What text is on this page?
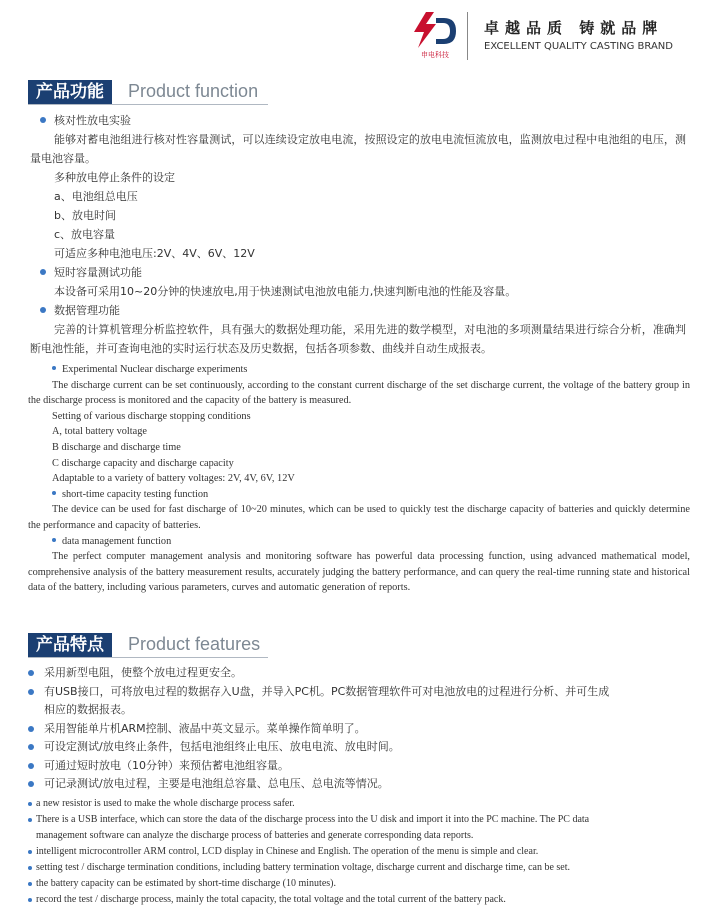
申电科技
卓越品质 铸就品牌
EXCELLENT QUALITY CASTING BRAND
产品功能	Product function
核对性放电实验
能够对蓄电池组进行核对性容量测试，可以连续设定放电电流，按照设定的放电电流恒流放电，监测放电过程中电池组的电压，测量电池容量。
多种放电停止条件的设定
a、电池组总电压
b、放电时间
c、放电容量
可适应多种电池电压:2V、4V、6V、12V
短时容量测试功能
本设备可采用10~20分钟的快速放电,用于快速测试电池放电能力,快速判断电池的性能及容量。
数据管理功能
完善的计算机管理分析监控软件，具有强大的数据处理功能，采用先进的数学模型，对电池的多项测量结果进行综合分析，准确判断电池性能，并可查询电池的实时运行状态及历史数据，包括各项参数、曲线并自动生成报表。
Experimental Nuclear discharge experiments
The discharge current can be set continuously, according to the constant current discharge of the set discharge current, the voltage of the battery group in the discharge process is monitored and the capacity of the battery is measured.
Setting of various discharge stopping conditions
A, total battery voltage
B discharge and discharge time
C discharge capacity and discharge capacity
Adaptable to a variety of battery voltages: 2V, 4V, 6V, 12V
short-time capacity testing function
The device can be used for fast discharge of 10~20 minutes, which can be used to quickly test the discharge capacity of batteries and quickly determine the performance and capacity of batteries.
data management function
The perfect computer management analysis and monitoring software has powerful data processing function, using advanced mathematical model, comprehensive analysis of the battery measurement results, accurately judging the battery performance, and can query the real-time running state and historical data of the battery, including various parameters, curves and automatic generation of reports.
产品特点	Product features
采用新型电阻，使整个放电过程更安全。
有USB接口，可将放电过程的数据存入U盘，并导入PC机。PC数据管理软件可对电池放电的过程进行分析、并可生成
相应的数据报表。
采用智能单片机ARM控制、液晶中英文显示。菜单操作简单明了。
可设定测试/放电终止条件，包括电池组终止电压、放电电流、放电时间。
可通过短时放电（10分钟）来预估蓄电池组容量。
可记录测试/放电过程，主要是电池组总容量、总电压、总电流等情况。
a new resistor is used to make the whole discharge process safer.
There is a USB interface, which can store the data of the discharge process into the U disk and import it into the PC machine. The PC data
management software can analyze the discharge process of batteries and generate corresponding data reports.
intelligent microcontroller ARM control, LCD display in Chinese and English. The operation of the menu is simple and clear.
setting test / discharge termination conditions, including battery termination voltage, discharge current and discharge time, can be set.
the battery capacity can be estimated by short-time discharge (10 minutes).
record the test / discharge process, mainly the total capacity, the total voltage and the total current of the battery pack.
